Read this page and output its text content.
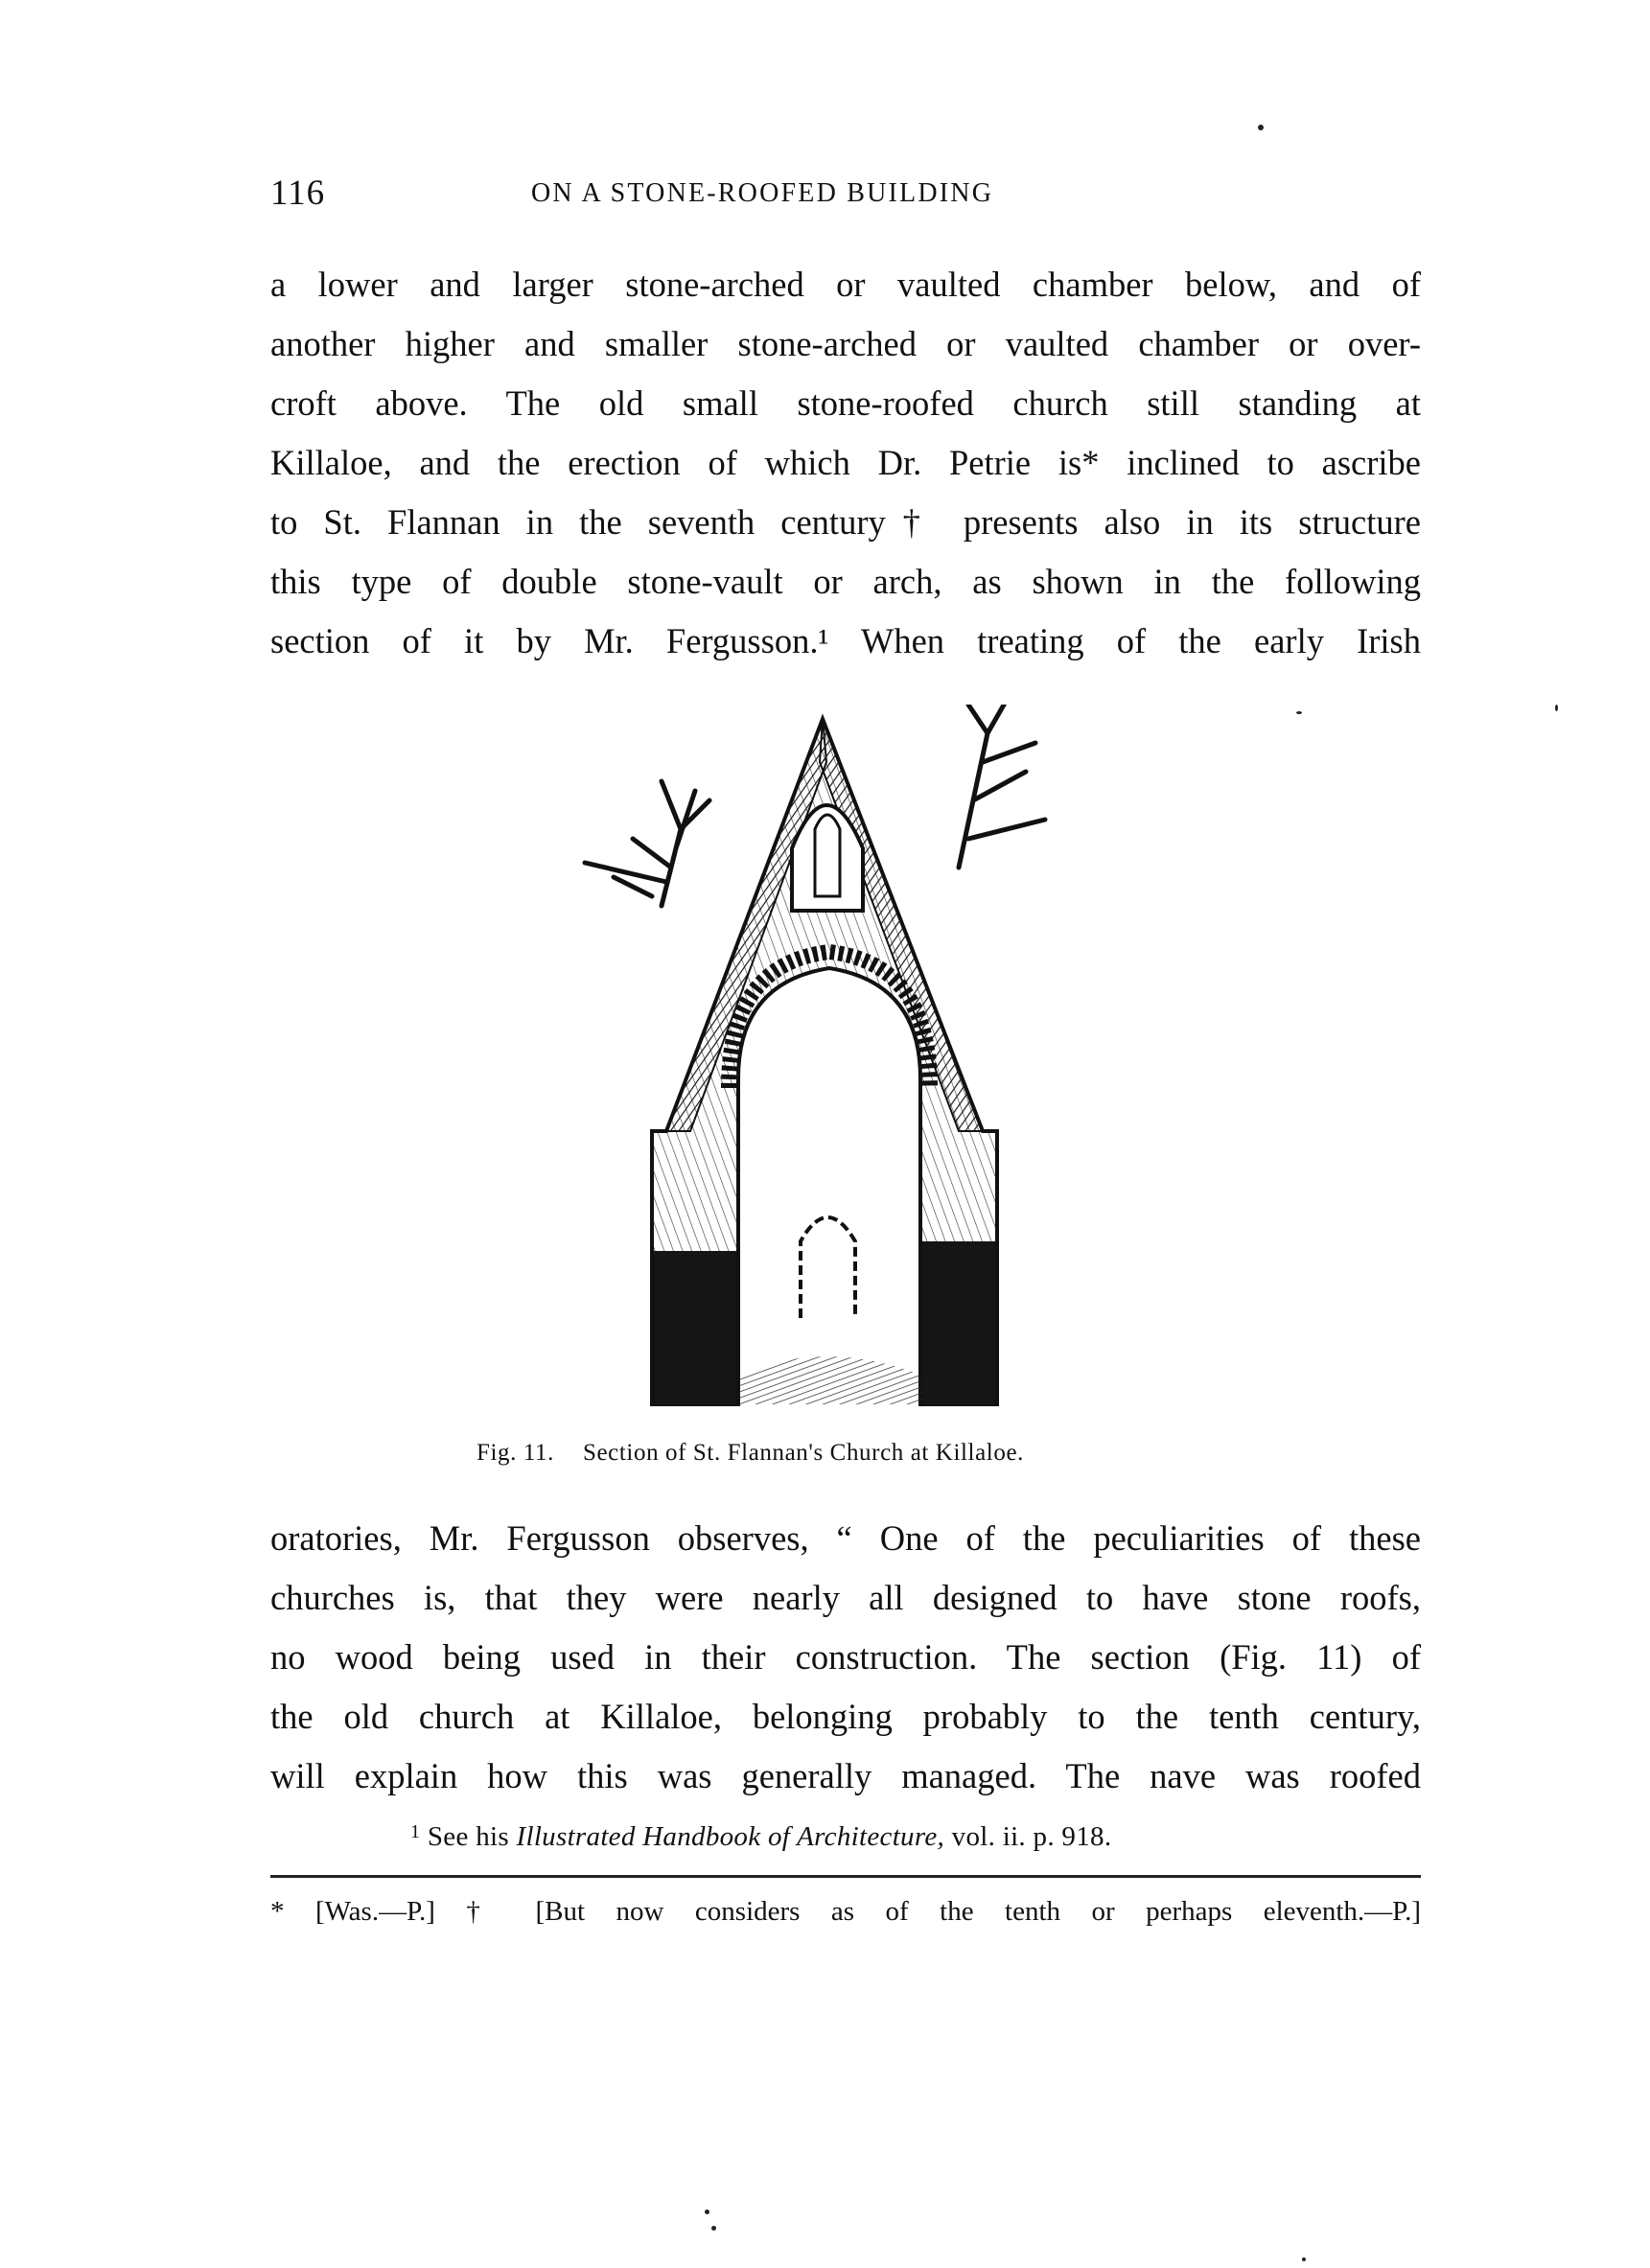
116	ON A STONE-ROOFED BUILDING
a lower and larger stone-arched or vaulted chamber below, and of
another higher and smaller stone-arched or vaulted chamber or over-
croft above. The old small stone-roofed church still standing at
Killaloe, and the erection of which Dr. Petrie is* inclined to ascribe
to St. Flannan in the seventh century† presents also in its structure
this type of double stone-vault or arch, as shown in the following
section of it by Mr. Fergusson.¹ When treating of the early Irish
Fig. 11. Section of St. Flannan's Church at Killaloe.
oratories, Mr. Fergusson observes, “ One of the peculiarities of these
churches is, that they were nearly all designed to have stone roofs,
no wood being used in their construction. The section (Fig. 11) of
the old church at Killaloe, belonging probably to the tenth century,
will explain how this was generally managed. The nave was roofed
$^1$ See his Illustrated Handbook of Architecture, vol. ii. p. 918.
* [Was.—P.] † [But now considers as of the tenth or perhaps eleventh.—P.]
